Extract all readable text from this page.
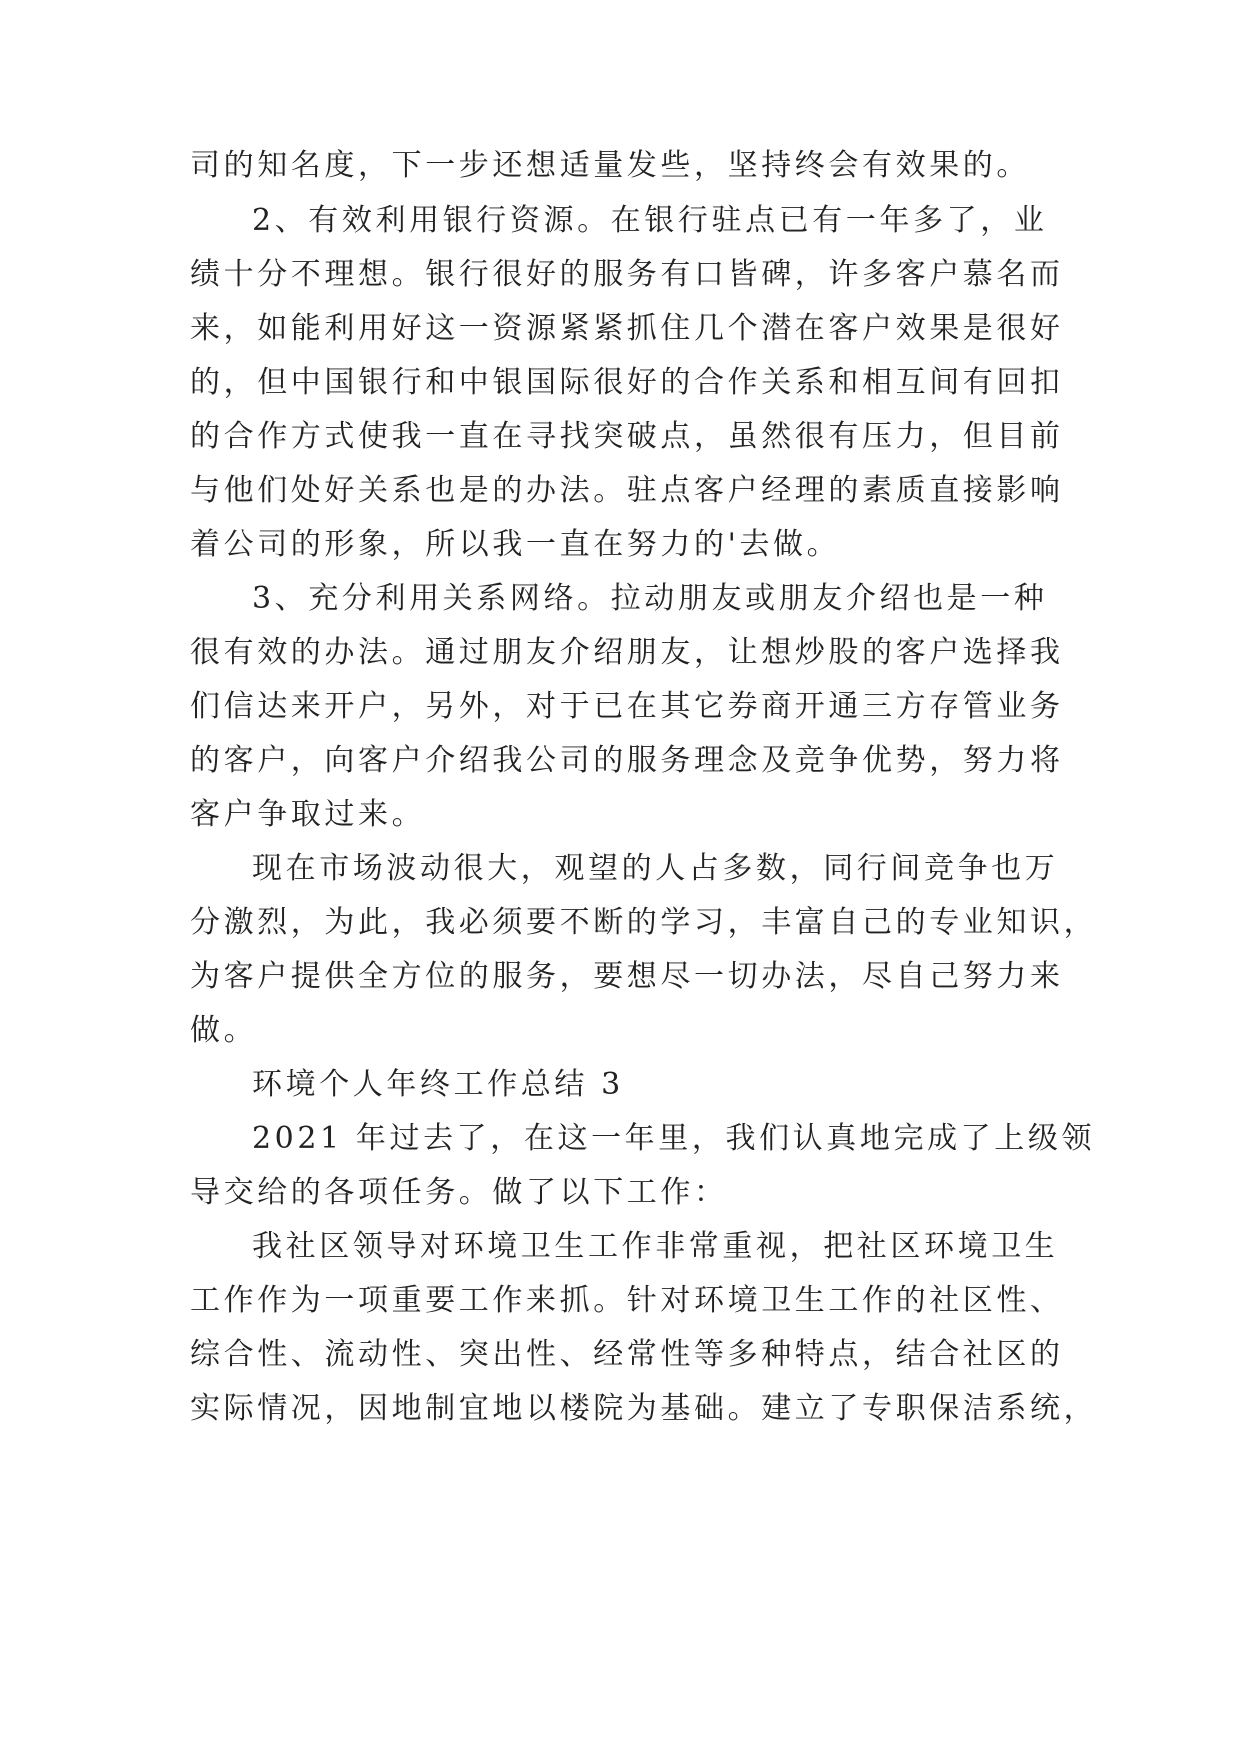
司的知名度，下一步还想适量发些，坚持终会有效果的。
2、有效利用银行资源。在银行驻点已有一年多了，业
绩十分不理想。银行很好的服务有口皆碑，许多客户慕名而
来，如能利用好这一资源紧紧抓住几个潜在客户效果是很好
的，但中国银行和中银国际很好的合作关系和相互间有回扣
的合作方式使我一直在寻找突破点，虽然很有压力，但目前
与他们处好关系也是的办法。驻点客户经理的素质直接影响
着公司的形象，所以我一直在努力的'去做。
3、充分利用关系网络。拉动朋友或朋友介绍也是一种
很有效的办法。通过朋友介绍朋友，让想炒股的客户选择我
们信达来开户，另外，对于已在其它券商开通三方存管业务
的客户，向客户介绍我公司的服务理念及竞争优势，努力将
客户争取过来。
现在市场波动很大，观望的人占多数，同行间竞争也万
分激烈，为此，我必须要不断的学习，丰富自己的专业知识，
为客户提供全方位的服务，要想尽一切办法，尽自己努力来
做。
环境个人年终工作总结 3
2021 年过去了，在这一年里，我们认真地完成了上级领
导交给的各项任务。做了以下工作：
我社区领导对环境卫生工作非常重视，把社区环境卫生
工作作为一项重要工作来抓。针对环境卫生工作的社区性、
综合性、流动性、突出性、经常性等多种特点，结合社区的
实际情况，因地制宜地以楼院为基础。建立了专职保洁系统，
